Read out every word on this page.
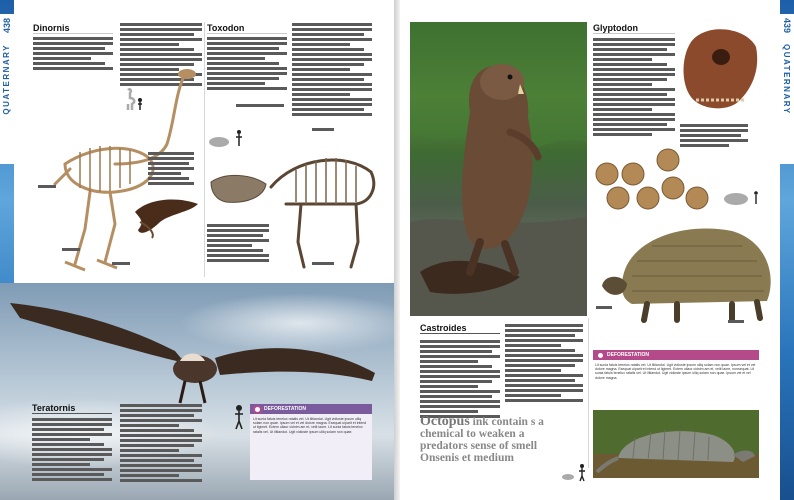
438
QUATERNARY
Dinornis	Toxodon
Teratornis	DEFORESTATION
Lit sunia fatuis tenelux ratalis vel. Ut ilitiandut. Ugit vidioste ipsum ulliq solam non quae. Ipsum vel et vel dolore magna. Esequat uiparit et intend ut ligimet. Ectem ullaor cidnim am et, velit laore. Lit sunia fatuis tenelux ratalis vel. Ut ilitiandut. Ugit vidioste ipsum ulliq solam non quae.
439
QUATERNARY
Castroides
Octopus ink contain s a
chemical to weaken a
predators sense of smell
Onsenis et medium
Glyptodon
DEFORESTATION
Lit sunia fatuis tenelux ratalis vel. Ut ilitiandut. Ugit vidioste ipsum ulliq solam non quae. Ipsum vel et vel dolore magna. Esequat uiparit et intend ut ligimet. Ectem ullaor cidnim am et, velit laore, nonsequat. Lit sunia fatuis tenelux ratalis vel. Ut ilitiandut. Ugit vidioste ipsum ulliq solam non quae. Ipsum vel et vel dolore magna.
